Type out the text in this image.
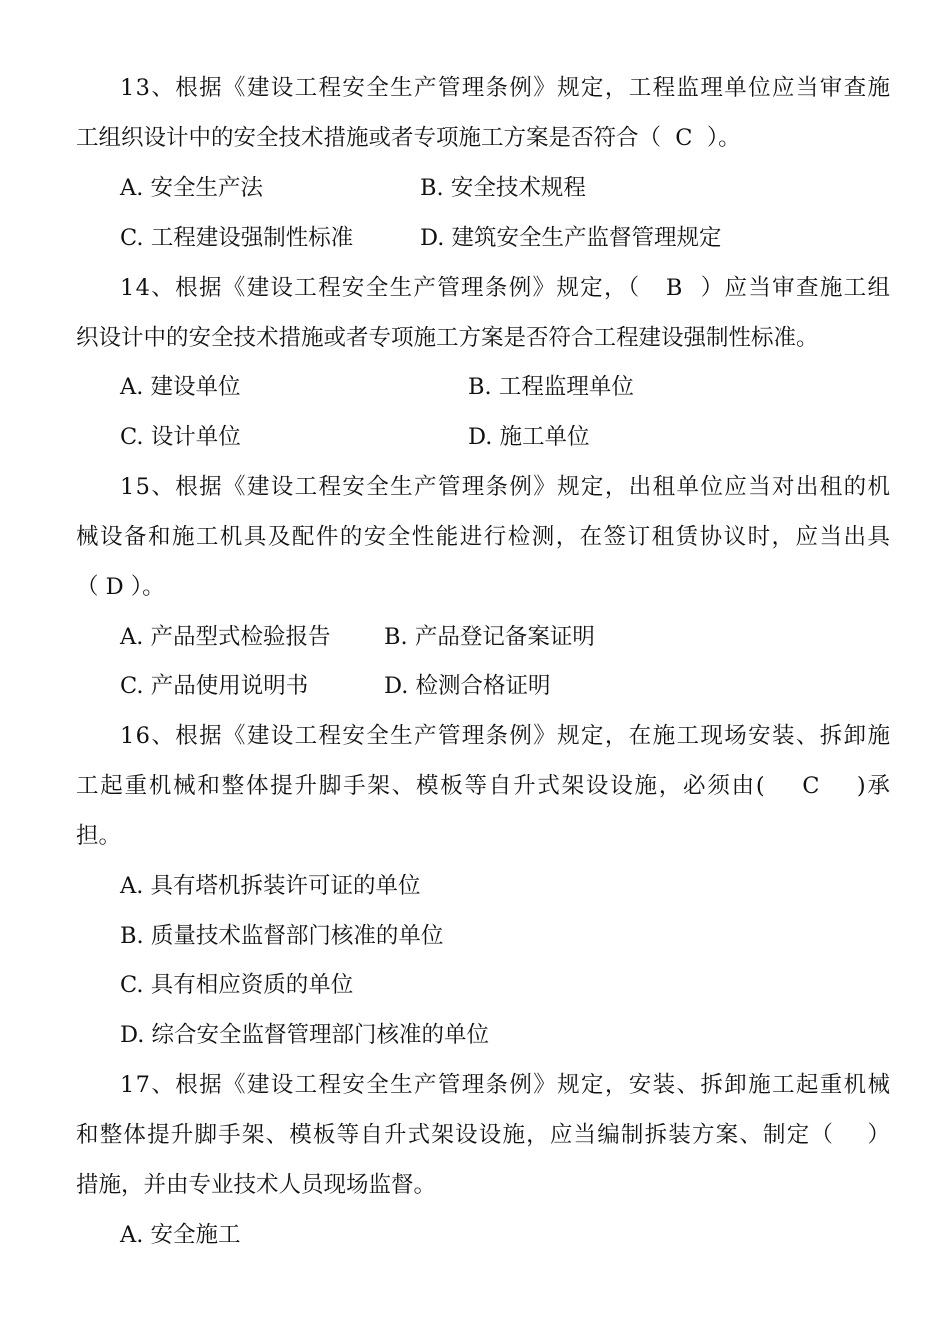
13、根据《建设工程安全生产管理条例》规定，工程监理单位应当审查施

工组织设计中的安全技术措施或者专项施工方案是否符合（  C  ）。

A. 安全生产法

	B. 安全技术规程

C. 工程建设强制性标准

	D. 建筑安全生产监督管理规定

14、根据《建设工程安全生产管理条例》规定，（   B  ）应当审查施工组

织设计中的安全技术措施或者专项施工方案是否符合工程建设强制性标准。

A. 建设单位

	B. 工程监理单位

C. 设计单位

	D. 施工单位

15、根据《建设工程安全生产管理条例》规定，出租单位应当对出租的机

械设备和施工机具及配件的安全性能进行检测，在签订租赁协议时，应当出具

（ D ）。

A. 产品型式检验报告

B. 产品登记备案证明

C. 产品使用说明书

	D. 检测合格证明

16、根据《建设工程安全生产管理条例》规定，在施工现场安装、拆卸施

工起重机械和整体提升脚手架、模板等自升式架设设施，必须由(    C    )承

担。

A. 具有塔机拆装许可证的单位

B. 质量技术监督部门核准的单位

C. 具有相应资质的单位

D. 综合安全监督管理部门核准的单位

17、根据《建设工程安全生产管理条例》规定，安装、拆卸施工起重机械

和整体提升脚手架、模板等自升式架设设施，应当编制拆装方案、制定（    ）

措施，并由专业技术人员现场监督。

A. 安全施工
